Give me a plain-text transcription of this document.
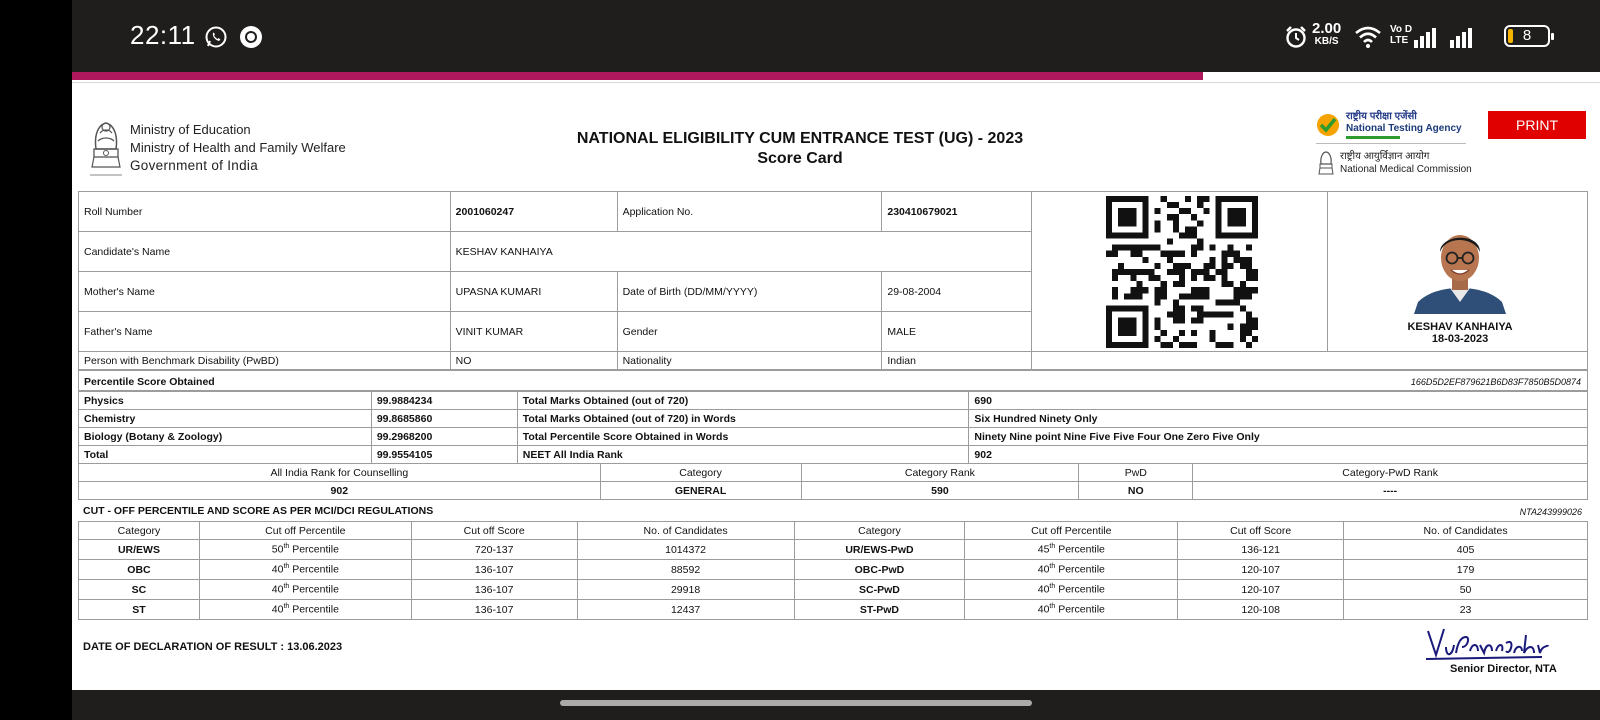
22:11	2.00
KB/S
Vo D
LTE	8
Ministry of Education
Ministry of Health and Family Welfare
Government of India
NATIONAL ELIGIBILITY CUM ENTRANCE TEST (UG) - 2023
Score Card
राष्ट्रीय परीक्षा एजेंसी
National Testing Agency
राष्ट्रीय आयुर्विज्ञान आयोग
National Medical Commission
PRINT
Roll Number	2001060247	Application No.	230410679021		KESHAV KANHAIYA
18-03-2023

Candidate's Name	KESHAV KANHAIYA				
Mother's Name	UPASNA KUMARI	Date of Birth (DD/MM/YYYY)	29-08-2004		
Father's Name	VINIT KUMAR	Gender	MALE		
Person with Benchmark Disability (PwBD)	NO	Nationality	Indian		
Percentile Score Obtained	166D5D2EF879621B6D83F7850B5D0874
Physics	99.9884234	Total Marks Obtained (out of 720)	690
Chemistry	99.8685860	Total Marks Obtained (out of 720) in Words	Six Hundred Ninety Only
Biology (Botany & Zoology)	99.2968200	Total Percentile Score Obtained in Words	Ninety Nine point Nine Five Five Four One Zero Five Only
Total	99.9554105	NEET All India Rank	902
All India Rank for Counselling	Category	Category Rank	PwD	Category-PwD Rank
902	GENERAL	590	NO	----
CUT - OFF PERCENTILE AND SCORE AS PER MCI/DCI REGULATIONS	NTA243999026
Category	Cut off Percentile	Cut off Score	No. of Candidates	Category	Cut off Percentile	Cut off Score	No. of Candidates
UR/EWS	50th Percentile	720-137	1014372	UR/EWS-PwD	45th Percentile	136-121	405
OBC	40th Percentile	136-107	88592	OBC-PwD	40th Percentile	120-107	179
SC	40th Percentile	136-107	29918	SC-PwD	40th Percentile	120-107	50
ST	40th Percentile	136-107	12437	ST-PwD	40th Percentile	120-108	23
DATE OF DECLARATION OF RESULT : 13.06.2023
Senior Director, NTA
